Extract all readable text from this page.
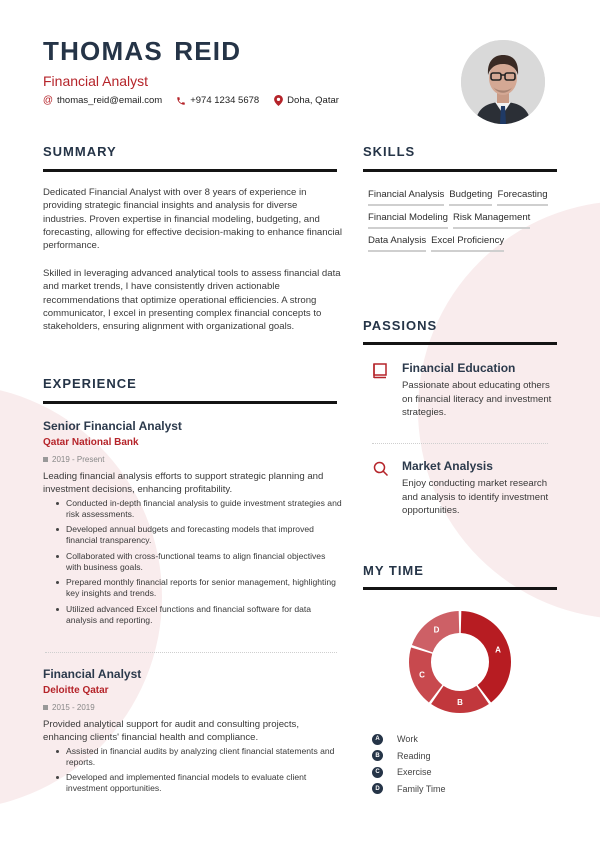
THOMAS REID
Financial Analyst
@ thomas_reid@email.com	+974 1234 5678	Doha, Qatar
SUMMARY
Dedicated Financial Analyst with over 8 years of experience in providing strategic financial insights and analysis for diverse industries. Proven expertise in financial modeling, budgeting, and forecasting, allowing for effective decision-making to enhance financial performance.
Skilled in leveraging advanced analytical tools to assess financial data and market trends, I have consistently driven actionable recommendations that optimize operational efficiencies. A strong communicator, I excel in presenting complex financial concepts to stakeholders, ensuring alignment with organizational goals.
EXPERIENCE
Senior Financial Analyst
Qatar National Bank
2019 - Present
Leading financial analysis efforts to support strategic planning and investment decisions, enhancing profitability.
Conducted in-depth financial analysis to guide investment strategies and risk assessments.
Developed annual budgets and forecasting models that improved financial transparency.
Collaborated with cross-functional teams to align financial objectives with business goals.
Prepared monthly financial reports for senior management, highlighting key insights and trends.
Utilized advanced Excel functions and financial software for data analysis and reporting.
Financial Analyst
Deloitte Qatar
2015 - 2019
Provided analytical support for audit and consulting projects, enhancing clients' financial health and compliance.
Assisted in financial audits by analyzing client financial statements and reports.
Developed and implemented financial models to evaluate client investment opportunities.
SKILLS
Financial Analysis Budgeting Forecasting
Financial Modeling Risk Management
Data Analysis Excel Proficiency
PASSIONS
Financial Education
Passionate about educating others on financial literacy and investment strategies.
Market Analysis
Enjoy conducting market research and analysis to identify investment opportunities.
MY TIME
A
B
C
D
A	Work
B	Reading
C	Exercise
D	Family Time
